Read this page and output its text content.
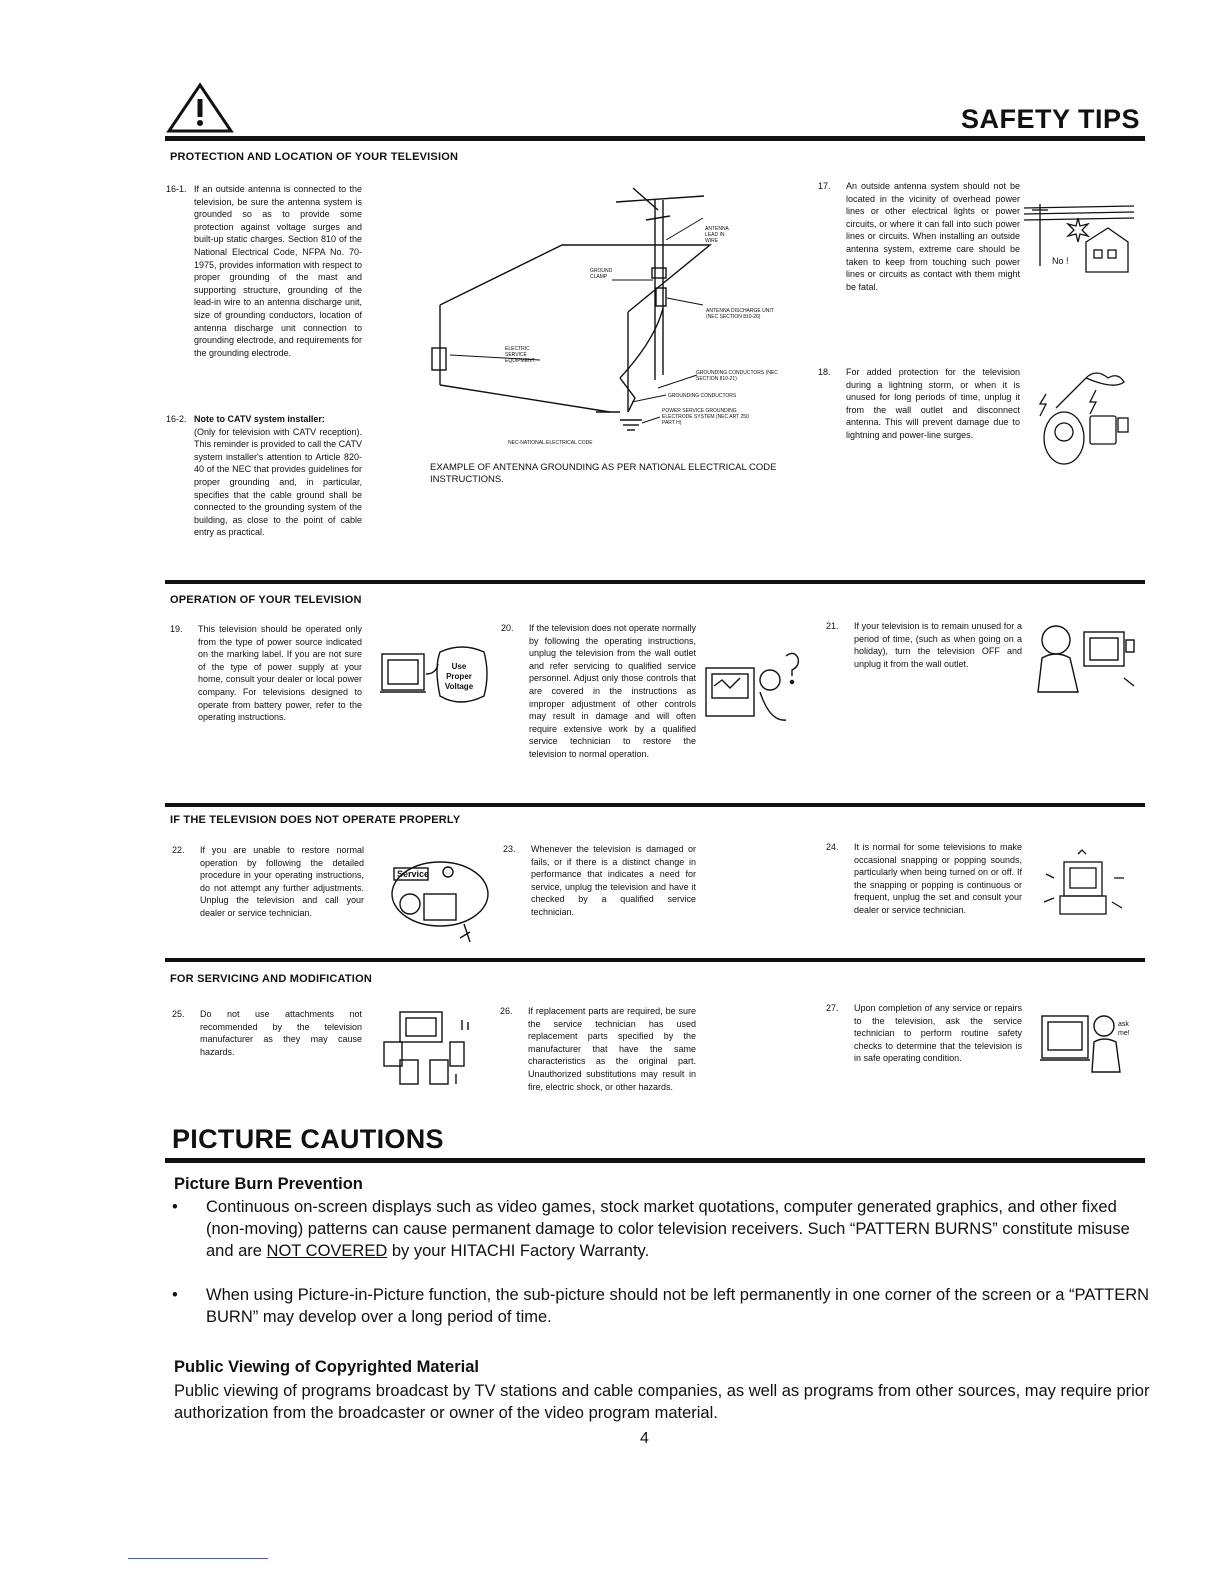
SAFETY TIPS
PROTECTION AND LOCATION OF YOUR TELEVISION
16-1. If an outside antenna is connected to the television, be sure the antenna system is grounded so as to provide some protection against voltage surges and built-up static charges. Section 810 of the National Electrical Code, NFPA No. 70-1975, provides information with respect to proper grounding of the mast and supporting structure, grounding of the lead-in wire to an antenna discharge unit, size of grounding conductors, location of antenna discharge unit connection to grounding electrode, and requirements for the grounding electrode.
16-2. Note to CATV system installer:
(Only for television with CATV reception). This reminder is provided to call the CATV system installer's attention to Article 820-40 of the NEC that provides guidelines for proper grounding and, in particular, specifies that the cable ground shall be connected to the grounding system of the building, as close to the point of cable entry as practical.
ANTENNA LEAD IN WIRE
GROUND CLAMP
ANTENNA DISCHARGE UNIT (NEC SECTION 810-20)
ELECTRIC SERVICE EQUIPMENT
GROUNDING CONDUCTORS (NEC SECTION 810-21)
GROUNDING CONDUCTORS
POWER SERVICE GROUNDING ELECTRODE SYSTEM (NEC ART 250 PART H)
NEC-NATIONAL ELECTRICAL CODE
EXAMPLE OF ANTENNA GROUNDING AS PER NATIONAL ELECTRICAL CODE INSTRUCTIONS.
17. An outside antenna system should not be located in the vicinity of overhead power lines or other electrical lights or power circuits, or where it can fall into such power lines or circuits. When installing an outside antenna system, extreme care should be taken to keep from touching such power lines or circuits as contact with them might be fatal.
No !
18. For added protection for the television during a lightning storm, or when it is unused for long periods of time, unplug it from the wall outlet and disconnect antenna. This will prevent damage due to lightning and power-line surges.
OPERATION OF YOUR TELEVISION
19. This television should be operated only from the type of power source indicated on the marking label. If you are not sure of the type of power supply at your home, consult your dealer or local power company. For televisions designed to operate from battery power, refer to the operating instructions.
Use Proper Voltage
20. If the television does not operate normally by following the operating instructions, unplug the television from the wall outlet and refer servicing to qualified service personnel. Adjust only those controls that are covered in the instructions as improper adjustment of other controls may result in damage and will often require extensive work by a qualified service technician to restore the television to normal operation.
21. If your television is to remain unused for a period of time, (such as when going on a holiday), turn the television OFF and unplug it from the wall outlet.
IF THE TELEVISION DOES NOT OPERATE PROPERLY
22. If you are unable to restore normal operation by following the detailed procedure in your operating instructions, do not attempt any further adjustments. Unplug the television and call your dealer or service technician.
Service
23. Whenever the television is damaged or fails, or if there is a distinct change in performance that indicates a need for service, unplug the television and have it checked by a qualified service technician.
24. It is normal for some televisions to make occasional snapping or popping sounds, particularly when being turned on or off. If the snapping or popping is continuous or frequent, unplug the set and consult your dealer or service technician.
FOR SERVICING AND MODIFICATION
25. Do not use attachments not recommended by the television manufacturer as they may cause hazards.
26. If replacement parts are required, be sure the service technician has used replacement parts specified by the manufacturer that have the same characteristics as the original part. Unauthorized substitutions may result in fire, electric shock, or other hazards.
27. Upon completion of any service or repairs to the television, ask the service technician to perform routine safety checks to determine that the television is in safe operating condition.
ask me!
PICTURE CAUTIONS
Picture Burn Prevention
• Continuous on-screen displays such as video games, stock market quotations, computer generated graphics, and other fixed (non-moving) patterns can cause permanent damage to color television receivers. Such “PATTERN BURNS” constitute misuse and are NOT COVERED by your HITACHI Factory Warranty.
• When using Picture-in-Picture function, the sub-picture should not be left permanently in one corner of the screen or a “PATTERN BURN” may develop over a long period of time.
Public Viewing of Copyrighted Material
Public viewing of programs broadcast by TV stations and cable companies, as well as programs from other sources, may require prior authorization from the broadcaster or owner of the video program material.
4
